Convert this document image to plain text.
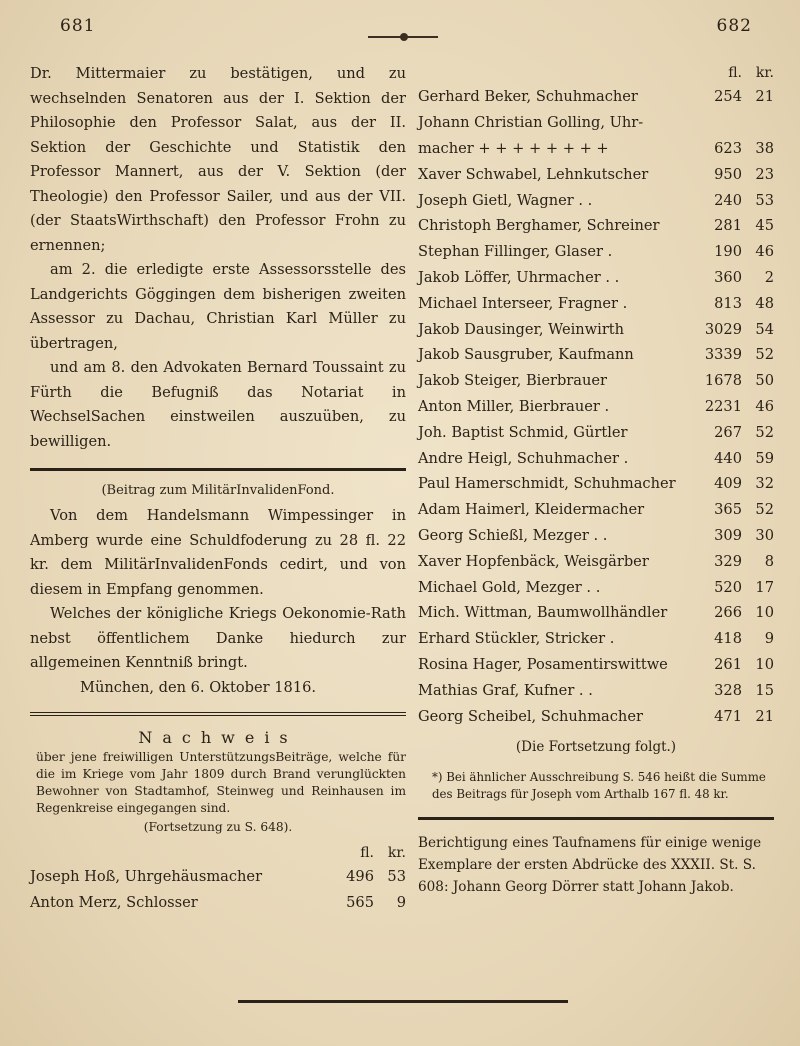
681	682

Dr. Mittermaier zu bestätigen, und zu wechselnden Senatoren aus der I. Sektion der Philosophie den Professor Salat, aus der II. Sektion der Geschichte und Statistik den Professor Mannert, aus der V. Sektion (der Theologie) den Professor Sailer, und aus der VII. (der StaatsWirthschaft) den Professor Frohn zu ernennen;

am 2. die erledigte erste Assessorsstelle des Landgerichts Göggingen dem bisherigen zweiten Assessor zu Dachau, Christian Karl Müller zu übertragen,

und am 8. den Advokaten Bernard Toussaint zu Fürth die Befugniß das Notariat in WechselSachen einstweilen auszuüben, zu bewilligen.

(Beitrag zum MilitärInvalidenFond.

Von dem Handelsmann Wimpessinger in Amberg wurde eine Schuldfoderung zu 28 fl. 22 kr. dem MilitärInvalidenFonds cedirt, und von diesem in Empfang genommen.

Welches der königliche Kriegs Oekonomie-Rath nebst öffentlichem Danke hiedurch zur allgemeinen Kenntniß bringt.

München, den 6. Oktober 1816.
Nachweis

über jene freiwilligen UnterstützungsBeiträge, welche für die im Kriege vom Jahr 1809 durch Brand verunglückten Bewohner von Stadtamhof, Steinweg und Reinhausen im Regenkreise eingegangen sind.

(Fortsetzung zu S. 648).
	fl.	kr.
Joseph Hoß, Uhrgehäusmacher	496	53
Anton Merz, Schlosser	565	9
	fl.	kr.
Gerhard Beker, Schuhmacher	254	21
Johann Christian Golling, Uhr-		
macher + + + + + + + +	623	38
Xaver Schwabel, Lehnkutscher	950	23
Joseph Gietl, Wagner . .	240	53
Christoph Berghamer, Schreiner	281	45
Stephan Fillinger, Glaser .	190	46
Jakob Löffer, Uhrmacher . .	360	2
Michael Interseer, Fragner .	813	48
Jakob Dausinger, Weinwirth	3029	54
Jakob Sausgruber, Kaufmann	3339	52
Jakob Steiger, Bierbrauer	1678	50
Anton Miller, Bierbrauer .	2231	46
Joh. Baptist Schmid, Gürtler	267	52
Andre Heigl, Schuhmacher .	440	59
Paul Hamerschmidt, Schuhmacher	409	32
Adam Haimerl, Kleidermacher	365	52
Georg Schießl, Mezger . .	309	30
Xaver Hopfenbäck, Weisgärber	329	8
Michael Gold, Mezger . .	520	17
Mich. Wittman, Baumwollhändler	266	10
Erhard Stückler, Stricker .	418	9
Rosina Hager, Posamentirswittwe	261	10
Mathias Graf, Kufner . .	328	15
Georg Scheibel, Schuhmacher	471	21
(Die Fortsetzung folgt.)

*) Bei ähnlicher Ausschreibung S. 546 heißt die Summe des Beitrags für Joseph vom Arthalb 167 fl. 48 kr.

Berichtigung eines Taufnamens für einige wenige Exemplare der ersten Abdrücke des XXXII. St. S. 608: Johann Georg Dörrer statt Johann Jakob.
